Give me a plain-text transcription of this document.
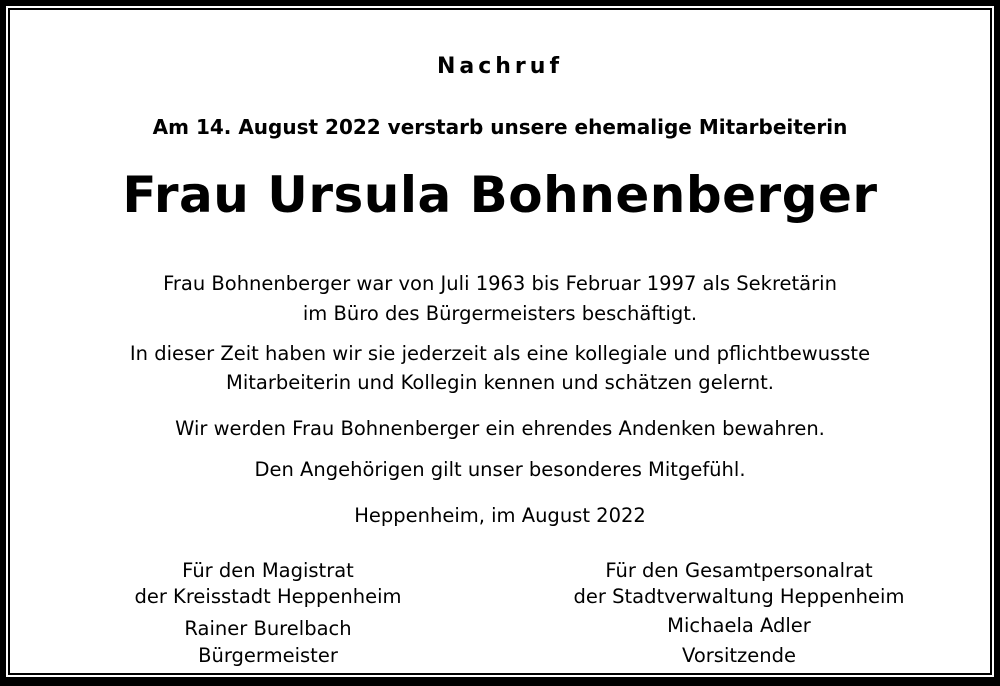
Nachruf
Am 14. August 2022 verstarb unsere ehemalige Mitarbeiterin
Frau Ursula Bohnenberger
Frau Bohnenberger war von Juli 1963 bis Februar 1997 als Sekretärin
im Büro des Bürgermeisters beschäftigt.
In dieser Zeit haben wir sie jederzeit als eine kollegiale und pflichtbewusste
Mitarbeiterin und Kollegin kennen und schätzen gelernt.
Wir werden Frau Bohnenberger ein ehrendes Andenken bewahren.
Den Angehörigen gilt unser besonderes Mitgefühl.
Heppenheim, im August 2022
Für den Magistrat
der Kreisstadt Heppenheim
Rainer Burelbach
Bürgermeister
Für den Gesamtpersonalrat
der Stadtverwaltung Heppenheim
Michaela Adler
Vorsitzende
